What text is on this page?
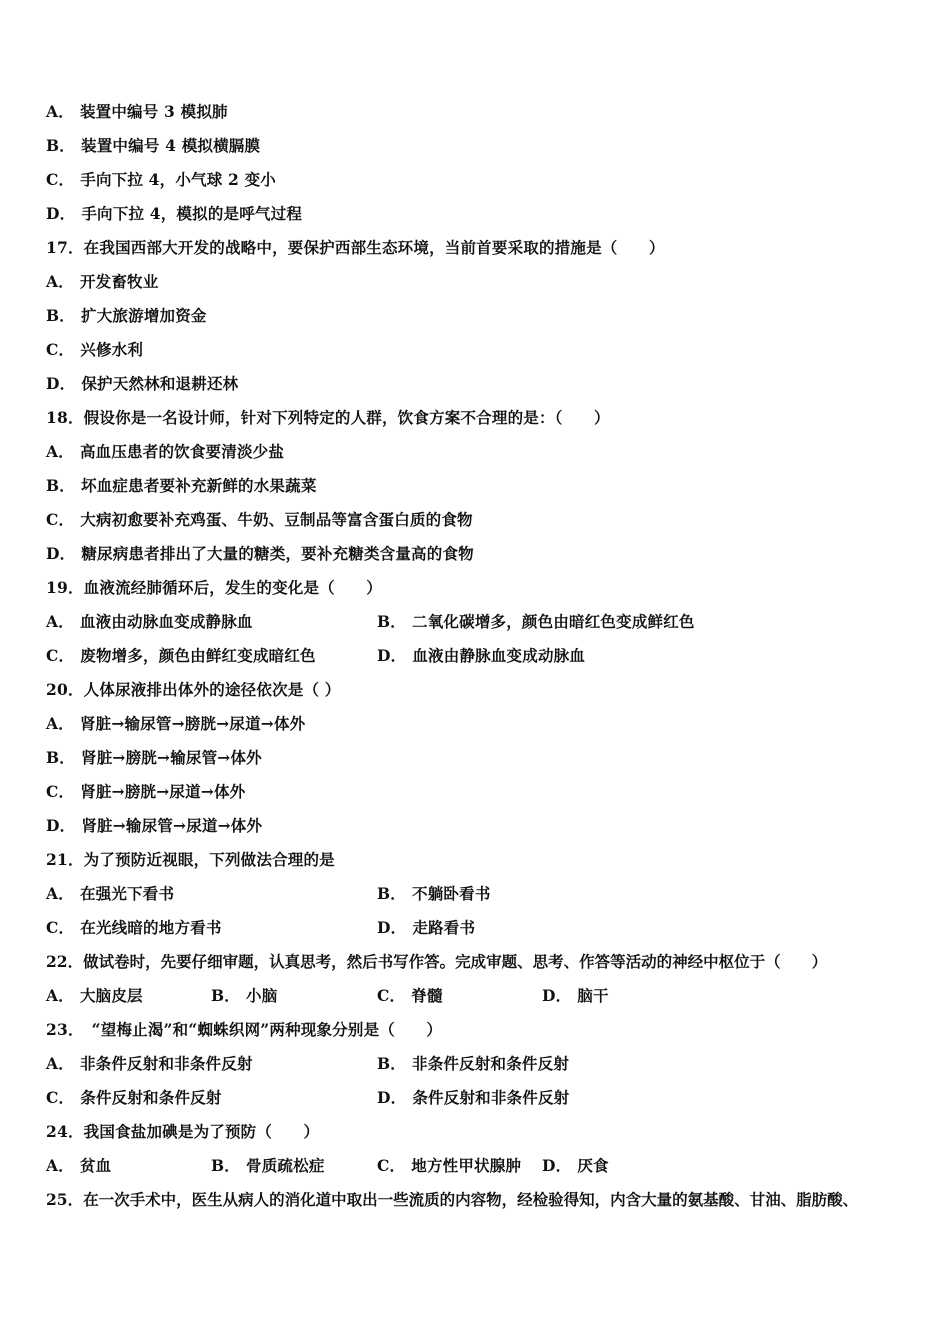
A． 装置中编号 3 模拟肺
B． 装置中编号 4 模拟横膈膜
C． 手向下拉 4，小气球 2 变小
D． 手向下拉 4，模拟的是呼气过程
17．在我国西部大开发的战略中，要保护西部生态环境，当前首要采取的措施是（　　）
A． 开发畜牧业
B． 扩大旅游增加资金
C． 兴修水利
D． 保护天然林和退耕还林
18．假设你是一名设计师，针对下列特定的人群，饮食方案不合理的是：（　　）
A． 高血压患者的饮食要清淡少盐
B． 坏血症患者要补充新鲜的水果蔬菜
C． 大病初愈要补充鸡蛋、牛奶、豆制品等富含蛋白质的食物
D． 糖尿病患者排出了大量的糖类，要补充糖类含量高的食物
19．血液流经肺循环后，发生的变化是（　　）
A． 血液由动脉血变成静脉血	B． 二氧化碳增多，颜色由暗红色变成鲜红色
C． 废物增多，颜色由鲜红变成暗红色	D． 血液由静脉血变成动脉血
20．人体尿液排出体外的途径依次是（ ）
A． 肾脏→输尿管→膀胱→尿道→体外
B． 肾脏→膀胱→输尿管→体外
C． 肾脏→膀胱→尿道→体外
D． 肾脏→输尿管→尿道→体外
21．为了预防近视眼，下列做法合理的是
A． 在强光下看书	B． 不躺卧看书
C． 在光线暗的地方看书	D． 走路看书
22．做试卷时，先要仔细审题，认真思考，然后书写作答。完成审题、思考、作答等活动的神经中枢位于（　　）
A． 大脑皮层	B． 小脑	C． 脊髓	D． 脑干
23．　“望梅止渴”和“蜘蛛织网”两种现象分别是（　　）
A． 非条件反射和非条件反射	B． 非条件反射和条件反射
C． 条件反射和条件反射	D． 条件反射和非条件反射
24．我国食盐加碘是为了预防（　　）
A． 贫血	B． 骨质疏松症	C． 地方性甲状腺肿 D． 厌食
25．在一次手术中，医生从病人的消化道中取出一些流质的内容物，经检验得知，内含大量的氨基酸、甘油、脂肪酸、
